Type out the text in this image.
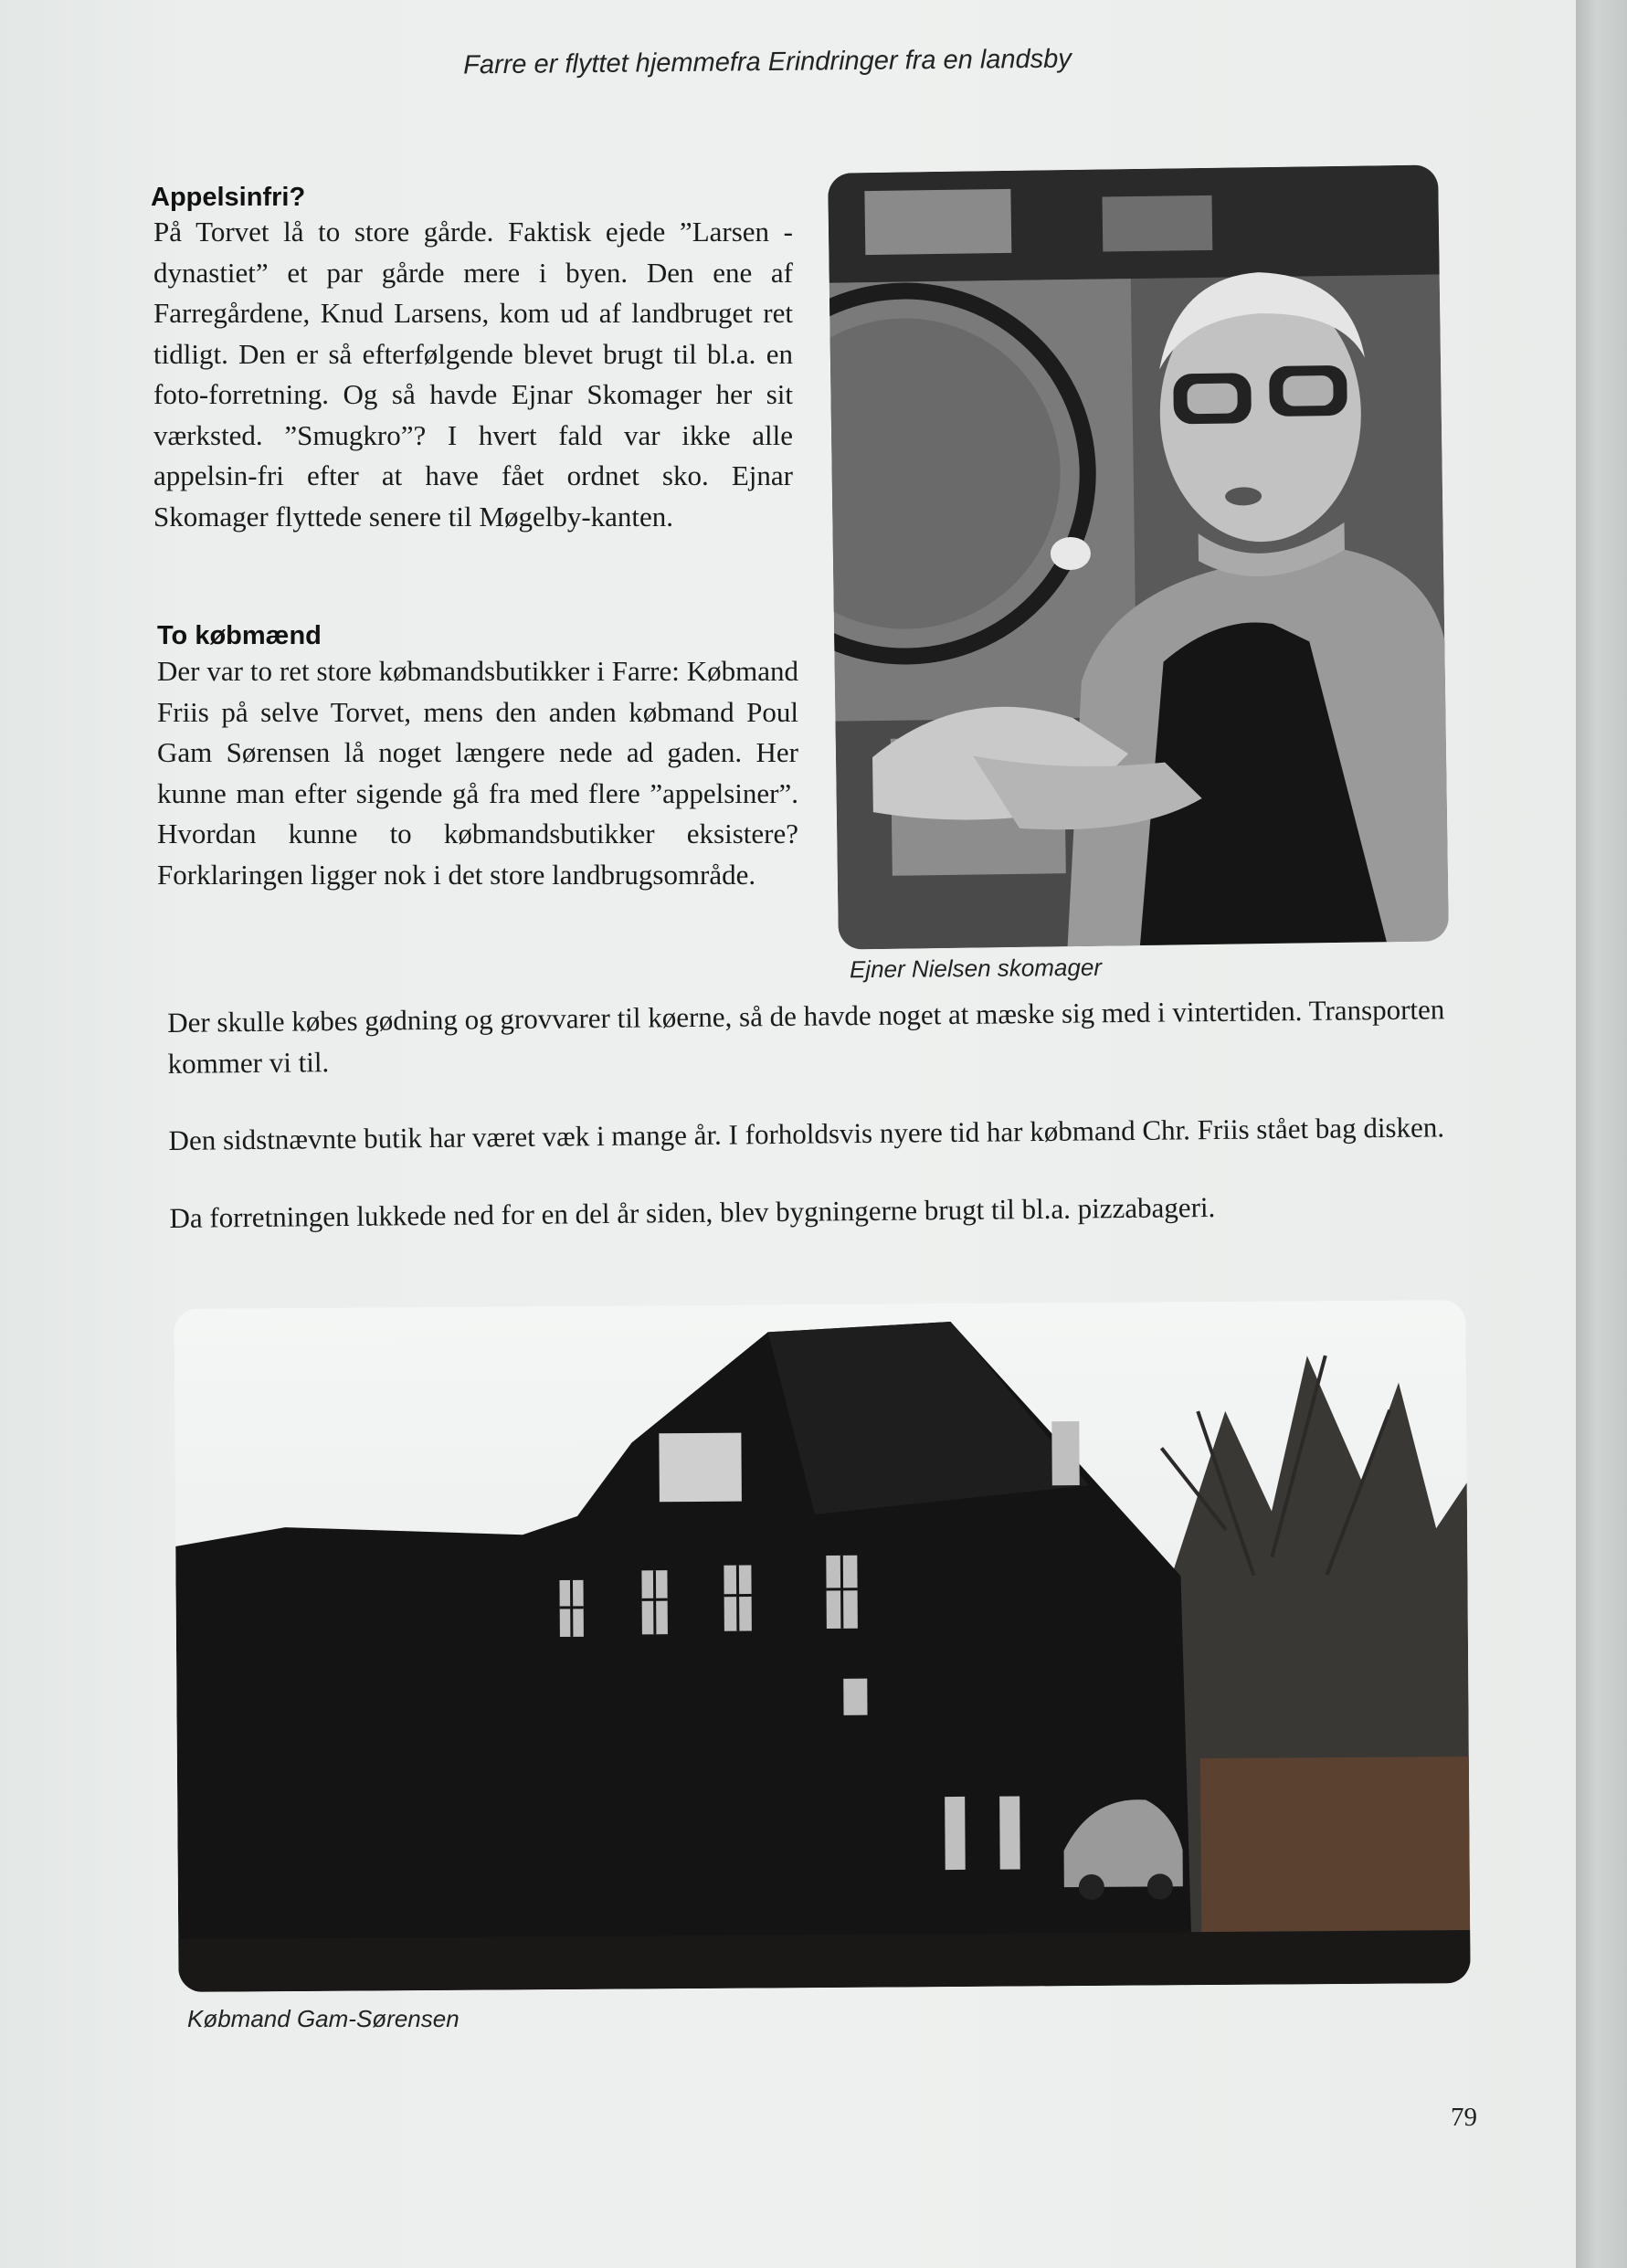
Farre er flyttet hjemmefra Erindringer fra en landsby
Appelsinfri?

På Torvet lå to store gårde. Faktisk ejede ”Larsen -dynastiet” et par gårde mere i byen. Den ene af Farregårdene, Knud Larsens, kom ud af landbruget ret tidligt. Den er så efterfølgende blevet brugt til bl.a. en foto-forretning. Og så havde Ejnar Skomager her sit værksted. ”Smugkro”? I hvert fald var ikke alle appelsin-fri efter at have fået ordnet sko. Ejnar Skomager flyttede senere til Møgelby-kanten.

To købmænd

Der var to ret store købmandsbutikker i Farre: Købmand Friis på selve Torvet, mens den anden købmand Poul Gam Sørensen lå noget længere nede ad gaden. Her kunne man efter sigende gå fra med flere ”appelsiner”. Hvordan kunne to købmandsbutikker eksistere? Forklaringen ligger nok i det store landbrugsområde.

Ejner Nielsen skomager

Der skulle købes gødning og grovvarer til køerne, så de havde noget at mæske sig med i vintertiden. Transporten kommer vi til.

Den sidstnævnte butik har været væk i mange år. I forholdsvis nyere tid har købmand Chr. Friis stået bag disken.

Da forretningen lukkede ned for en del år siden, blev bygningerne brugt til bl.a. pizzabageri.

Købmand Gam-Sørensen
79
